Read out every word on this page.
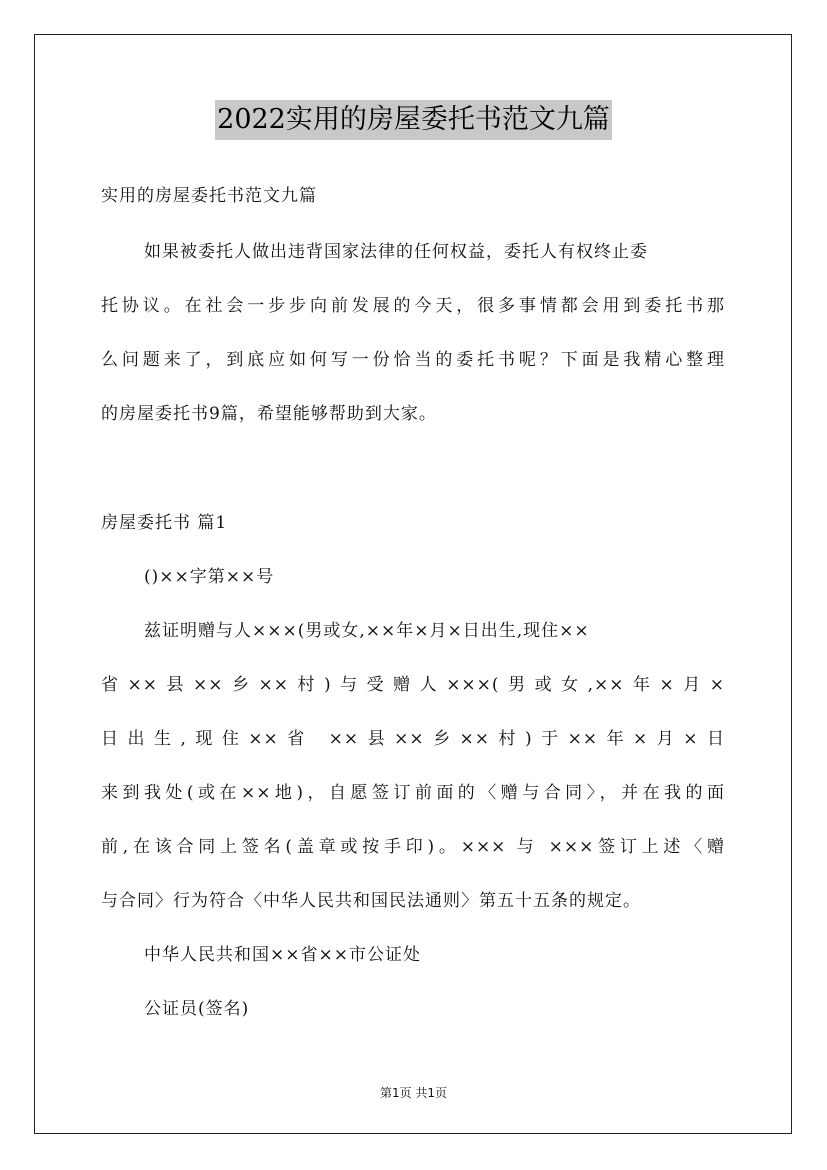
2022实用的房屋委托书范文九篇
实用的房屋委托书范文九篇
如果被委托人做出违背国家法律的任何权益，委托人有权终止委
托协议。在社会一步步向前发展的今天，很多事情都会用到委托书那
么问题来了，到底应如何写一份恰当的委托书呢？下面是我精心整理
的房屋委托书9篇，希望能够帮助到大家。
房屋委托书 篇1
()××字第××号
兹证明赠与人×××(男或女,××年×月×日出生,现住××
省××县××乡××村)与受赠人×××(男或女,××年×月×
日出生,现住××省 ××县××乡××村)于××年×月×日
来到我处(或在××地)，自愿签订前面的〈赠与合同〉，并在我的面
前,在该合同上签名(盖章或按手印)。××× 与 ×××签订上述〈赠
与合同〉行为符合〈中华人民共和国民法通则〉第五十五条的规定。
中华人民共和国××省××市公证处
公证员(签名)
第1页 共1页
